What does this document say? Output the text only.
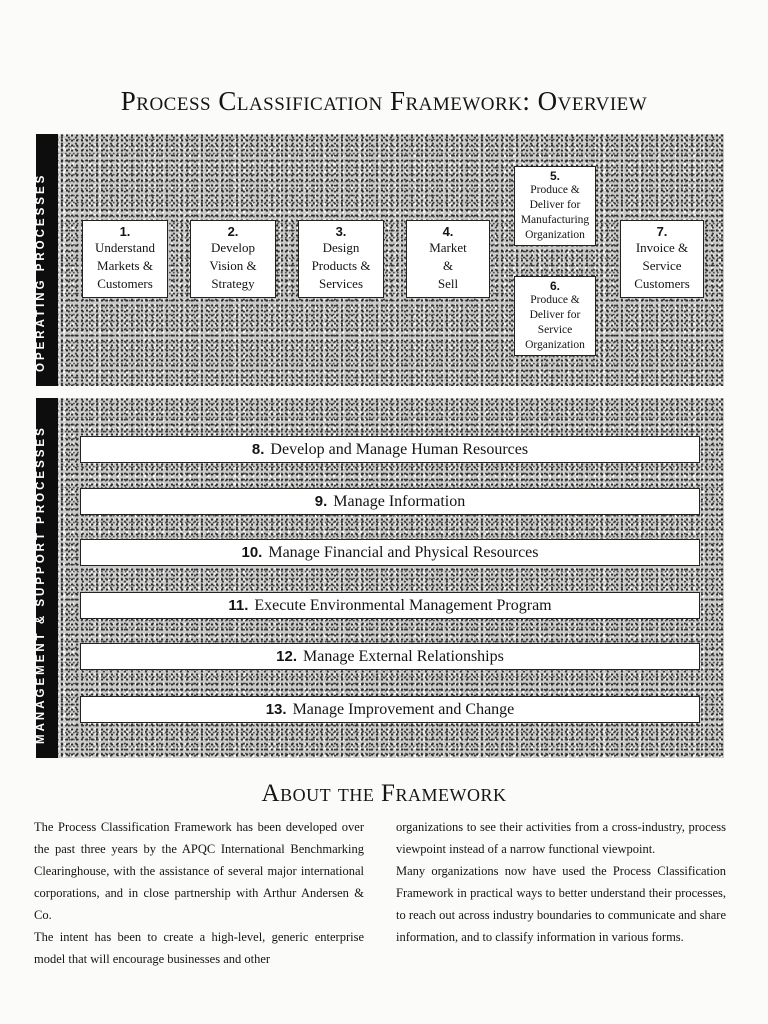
Process Classification Framework: Overview
OPERATING PROCESSES	1.
Understand
Markets &
Customers
2.
Develop
Vision &
Strategy
3.
Design
Products &
Services
4.
Market
&
Sell
5.
Produce &
Deliver for
Manufacturing
Organization
6.
Produce &
Deliver for
Service
Organization
7.
Invoice &
Service
Customers
MANAGEMENT & SUPPORT PROCESSES	8. Develop and Manage Human Resources
9. Manage Information
10. Manage Financial and Physical Resources
11. Execute Environmental Management Program
12. Manage External Relationships
13. Manage Improvement and Change
About the Framework

The Process Classification Framework has been developed over the past three years by the APQC International Benchmarking Clearinghouse, with the assistance of several major international corporations, and in close partnership with Arthur Andersen & Co.

The intent has been to create a high-level, generic enterprise model that will encourage businesses and other

organizations to see their activities from a cross-industry, process viewpoint instead of a narrow functional viewpoint.

Many organizations now have used the Process Classification Framework in practical ways to better understand their processes, to reach out across industry boundaries to communicate and share information, and to classify information in various forms.
